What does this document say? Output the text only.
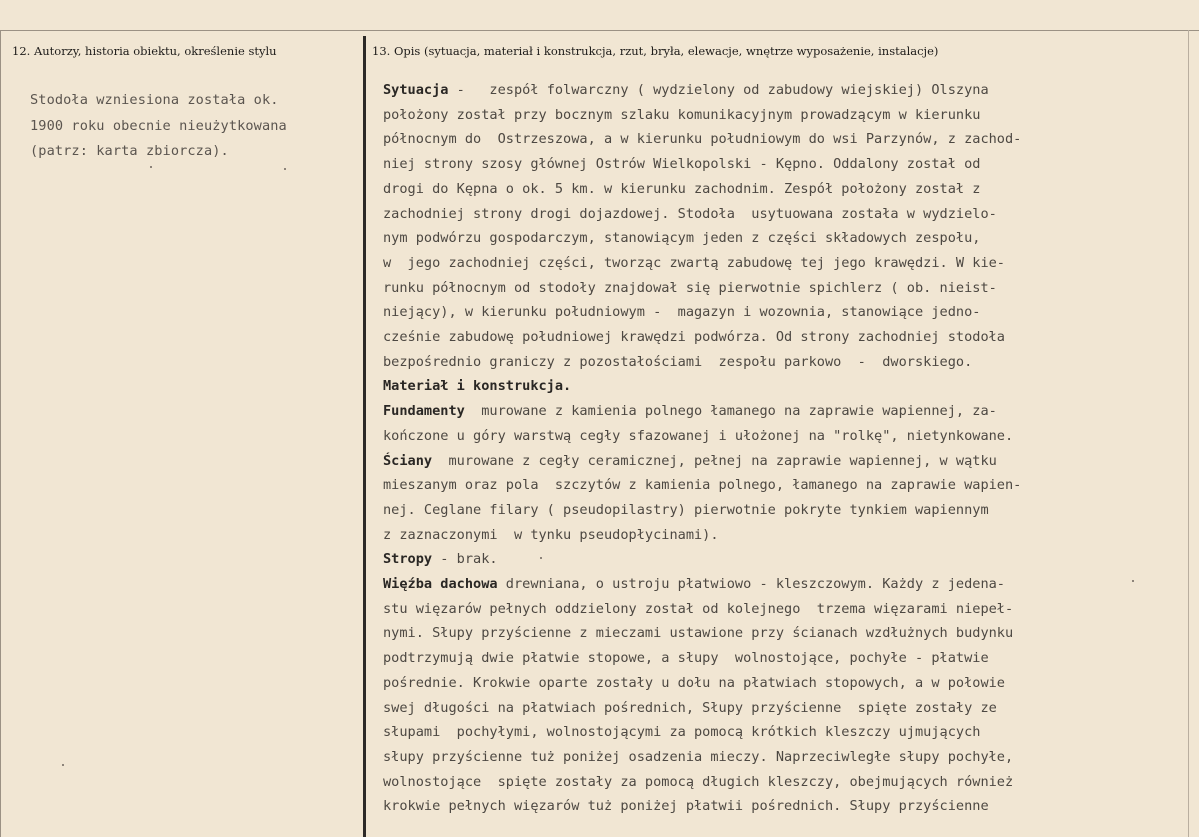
12. Autorzy, historia obiektu, określenie stylu	13. Opis (sytuacja, materiał i konstrukcja, rzut, bryła, elewacje, wnętrze wyposażenie, instalacje)
Stodoła wzniesiona została ok.
1900 roku obecnie nieużytkowana
(patrz: karta zbiorcza).
Sytuacja -   zespół folwarczny ( wydzielony od zabudowy wiejskiej) Olszyna
położony został przy bocznym szlaku komunikacyjnym prowadzącym w kierunku
północnym do  Ostrzeszowa, a w kierunku południowym do wsi Parzynów, z zachod-
niej strony szosy głównej Ostrów Wielkopolski - Kępno. Oddalony został od
drogi do Kępna o ok. 5 km. w kierunku zachodnim. Zespół położony został z
zachodniej strony drogi dojazdowej. Stodoła  usytuowana została w wydzielo-
nym podwórzu gospodarczym, stanowiącym jeden z części składowych zespołu,
w  jego zachodniej części, tworząc zwartą zabudowę tej jego krawędzi. W kie-
runku północnym od stodoły znajdował się pierwotnie spichlerz ( ob. nieist-
niejący), w kierunku południowym -  magazyn i wozownia, stanowiące jedno-
cześnie zabudowę południowej krawędzi podwórza. Od strony zachodniej stodoła
bezpośrednio graniczy z pozostałościami  zespołu parkowo  -  dworskiego.
Materiał i konstrukcja.
Fundamenty  murowane z kamienia polnego łamanego na zaprawie wapiennej, za-
kończone u góry warstwą cegły sfazowanej i ułożonej na "rolkę", nietynkowane.
Ściany  murowane z cegły ceramicznej, pełnej na zaprawie wapiennej, w wątku
mieszanym oraz pola  szczytów z kamienia polnego, łamanego na zaprawie wapien-
nej. Ceglane filary ( pseudopilastry) pierwotnie pokryte tynkiem wapiennym
z zaznaczonymi  w tynku pseudopłycinami).
Stropy - brak.
Więźba dachowa drewniana, o ustroju płatwiowo - kleszczowym. Każdy z jedena-
stu więzarów pełnych oddzielony został od kolejnego  trzema więzarami niepeł-
nymi. Słupy przyścienne z mieczami ustawione przy ścianach wzdłużnych budynku
podtrzymują dwie płatwie stopowe, a słupy  wolnostojące, pochyłe - płatwie
pośrednie. Krokwie oparte zostały u dołu na płatwiach stopowych, a w połowie
swej długości na płatwiach pośrednich, Słupy przyścienne  spięte zostały ze
słupami  pochyłymi, wolnostojącymi za pomocą krótkich kleszczy ujmujących
słupy przyścienne tuż poniżej osadzenia mieczy. Naprzeciwległe słupy pochyłe,
wolnostojące  spięte zostały za pomocą długich kleszczy, obejmujących również
krokwie pełnych więzarów tuż poniżej płatwii pośrednich. Słupy przyścienne
